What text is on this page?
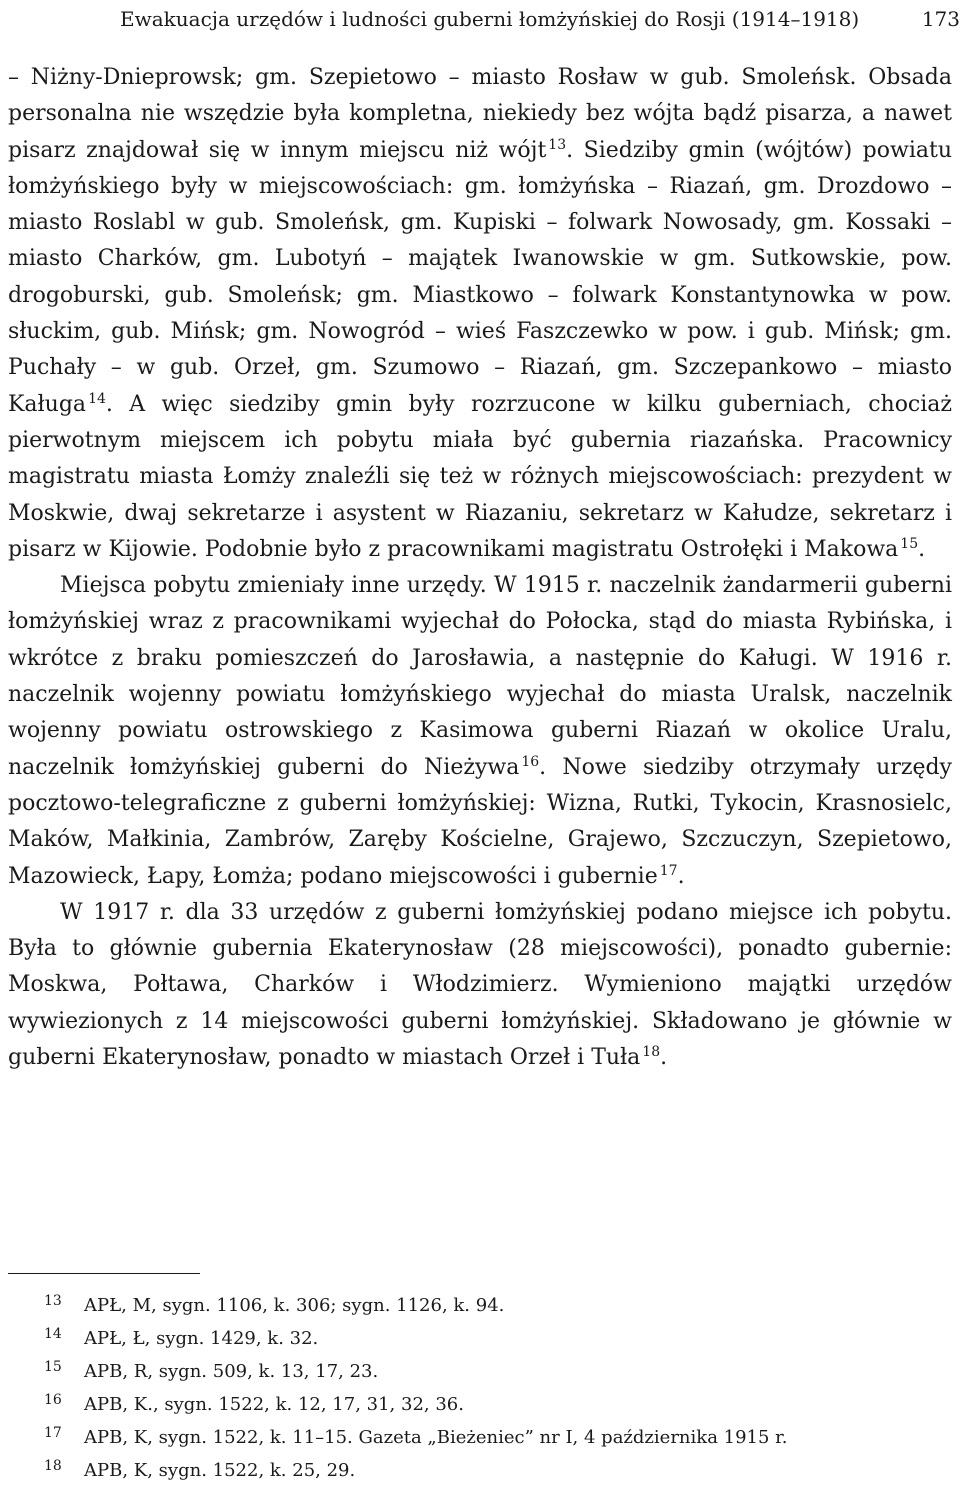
Ewakuacja urzędów i ludności guberni łomżyńskiej do Rosji (1914–1918)	173

– Niżny-Dnieprowsk; gm. Szepietowo – miasto Rosław w gub. Smoleńsk. Obsada personalna nie wszędzie była kompletna, niekiedy bez wójta bądź pisarza, a nawet pisarz znajdował się w innym miejscu niż wójt $^{13}$. Siedziby gmin (wójtów) powiatu łomżyńskiego były w miejscowościach: gm. łomżyńska – Riazań, gm. Drozdowo – miasto Roslabl w gub. Smoleńsk, gm. Kupiski – folwark Nowosady, gm. Kossaki – miasto Charków, gm. Lubotyń – majątek Iwanowskie w gm. Sutkowskie, pow. drogoburski, gub. Smoleńsk; gm. Miastkowo – folwark Konstantynowka w pow. słuckim, gub. Mińsk; gm. Nowogród – wieś Faszczewko w pow. i gub. Mińsk; gm. Puchały – w gub. Orzeł, gm. Szumowo – Riazań, gm. Szczepankowo – miasto Kaługa $^{14}$. A więc siedziby gmin były rozrzucone w kilku guberniach, chociaż pierwotnym miejscem ich pobytu miała być gubernia riazańska. Pracownicy magistratu miasta Łomży znaleźli się też w różnych miejscowościach: prezydent w Moskwie, dwaj sekretarze i asystent w Riazaniu, sekretarz w Kałudze, sekretarz i pisarz w Kijowie. Podobnie było z pracownikami magistratu Ostrołęki i Makowa $^{15}$.

Miejsca pobytu zmieniały inne urzędy. W 1915 r. naczelnik żandarmerii guberni łomżyńskiej wraz z pracownikami wyjechał do Połocka, stąd do miasta Rybińska, i wkrótce z braku pomieszczeń do Jarosławia, a następnie do Kaługi. W 1916 r. naczelnik wojenny powiatu łomżyńskiego wyjechał do miasta Uralsk, naczelnik wojenny powiatu ostrowskiego z Kasimowa guberni Riazań w okolice Uralu, naczelnik łomżyńskiej guberni do Nieżywa $^{16}$. Nowe siedziby otrzymały urzędy pocztowo-telegraficzne z guberni łomżyńskiej: Wizna, Rutki, Tykocin, Krasnosielc, Maków, Małkinia, Zambrów, Zaręby Kościelne, Grajewo, Szczuczyn, Szepietowo, Mazowieck, Łapy, Łomża; podano miejscowości i gubernie $^{17}$.

W 1917 r. dla 33 urzędów z guberni łomżyńskiej podano miejsce ich pobytu. Była to głównie gubernia Ekaterynosław (28 miejscowości), ponadto gubernie: Moskwa, Połtawa, Charków i Włodzimierz. Wymieniono majątki urzędów wywiezionych z 14 miejscowości guberni łomżyńskiej. Składowano je głównie w guberni Ekaterynosław, ponadto w miastach Orzeł i Tuła $^{18}$.

13	APŁ, M, sygn. 1106, k. 306; sygn. 1126, k. 94.
14	APŁ, Ł, sygn. 1429, k. 32.
15	APB, R, sygn. 509, k. 13, 17, 23.
16	APB, K., sygn. 1522, k. 12, 17, 31, 32, 36.
17	APB, K, sygn. 1522, k. 11–15. Gazeta „Bieżeniec” nr I, 4 października 1915 r.
18	APB, K, sygn. 1522, k. 25, 29.
